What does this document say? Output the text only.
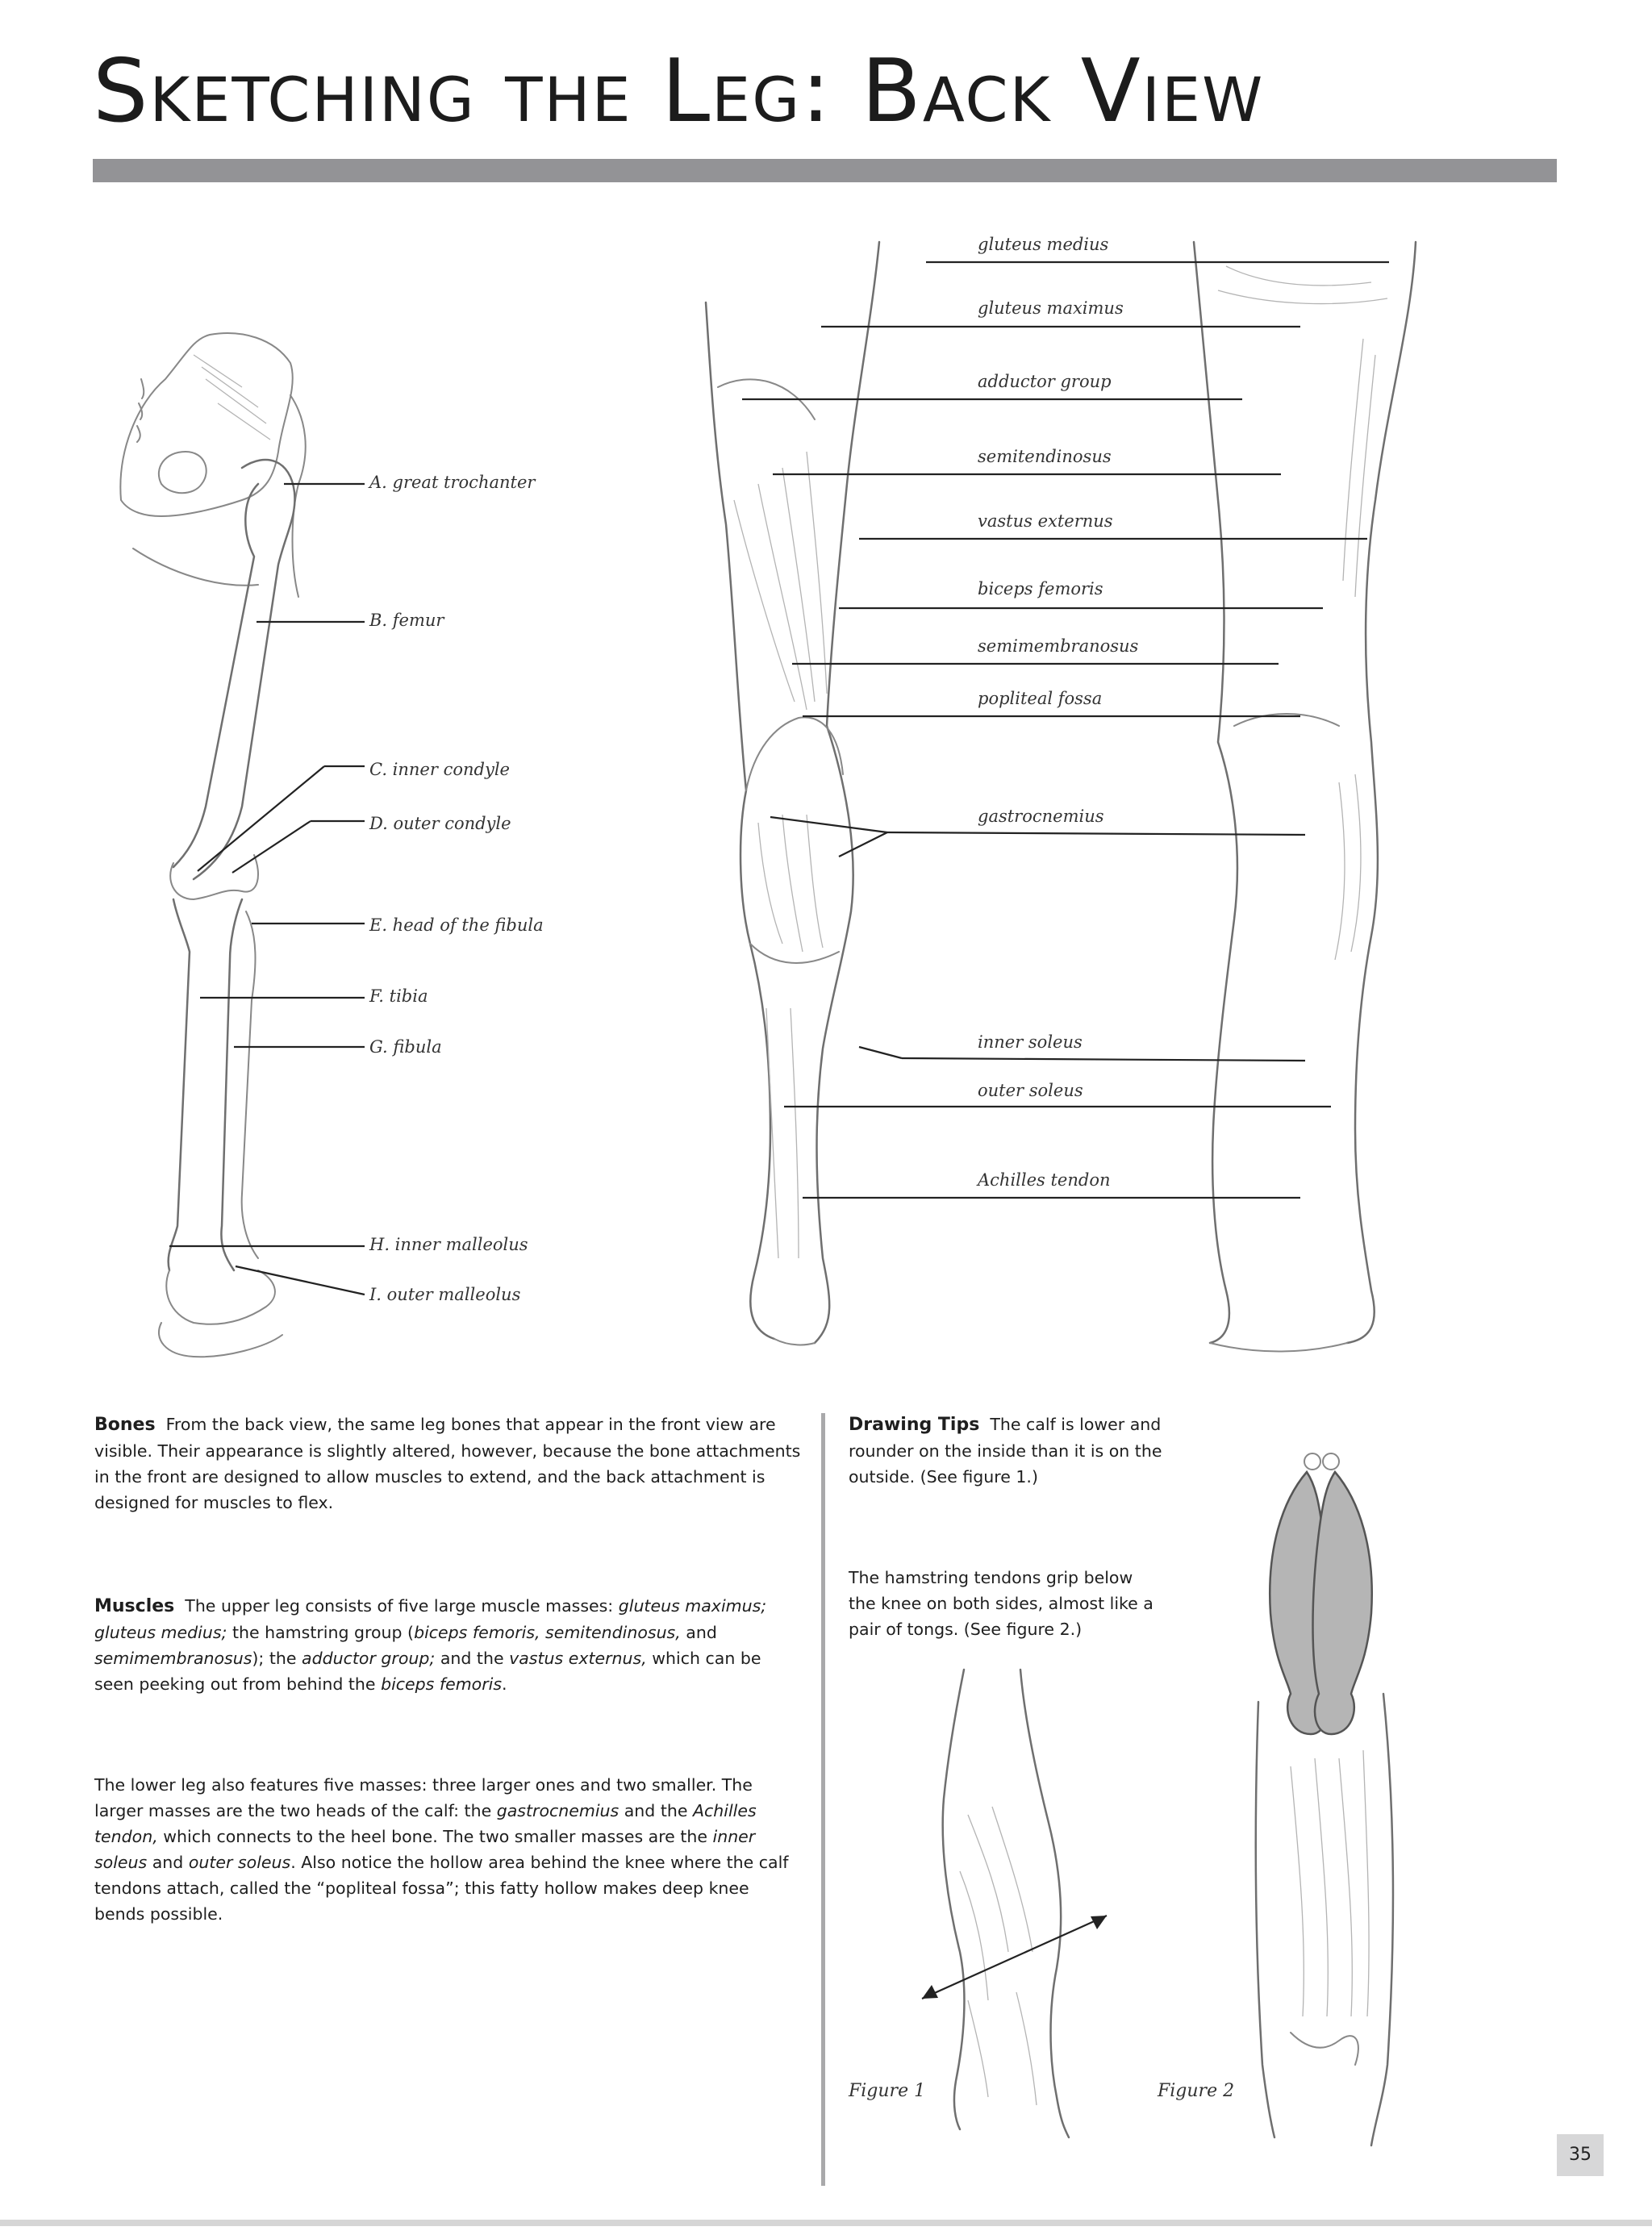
Sketching the Leg: Back View
A. great trochanter
B. femur
C. inner condyle
D. outer condyle
E. head of the fibula
F. tibia
G. fibula
H. inner malleolus
I. outer malleolus
gluteus medius
gluteus maximus
adductor group
semitendinosus
vastus externus
biceps femoris
semimembranosus
popliteal fossa
gastrocnemius
inner soleus
outer soleus
Achilles tendon
Bones From the back view, the same leg bones that appear in the front view are visible. Their appearance is slightly altered, however, because the bone attachments in the front are designed to allow muscles to extend, and the back attachment is designed for muscles to flex.
Muscles The upper leg consists of five large muscle masses: gluteus maximus; gluteus medius; the hamstring group (biceps femoris, semitendinosus, and semimembranosus); the adductor group; and the vastus externus, which can be seen peeking out from behind the biceps femoris.
The lower leg also features five masses: three larger ones and two smaller. The larger masses are the two heads of the calf: the gastrocnemius and the Achilles tendon, which connects to the heel bone. The two smaller masses are the inner soleus and outer soleus. Also notice the hollow area behind the knee where the calf tendons attach, called the “popliteal fossa”; this fatty hollow makes deep knee bends possible.
Drawing Tips The calf is lower and rounder on the inside than it is on the outside. (See figure 1.)
The hamstring tendons grip below the knee on both sides, almost like a pair of tongs. (See figure 2.)
Figure 1	Figure 2
35
